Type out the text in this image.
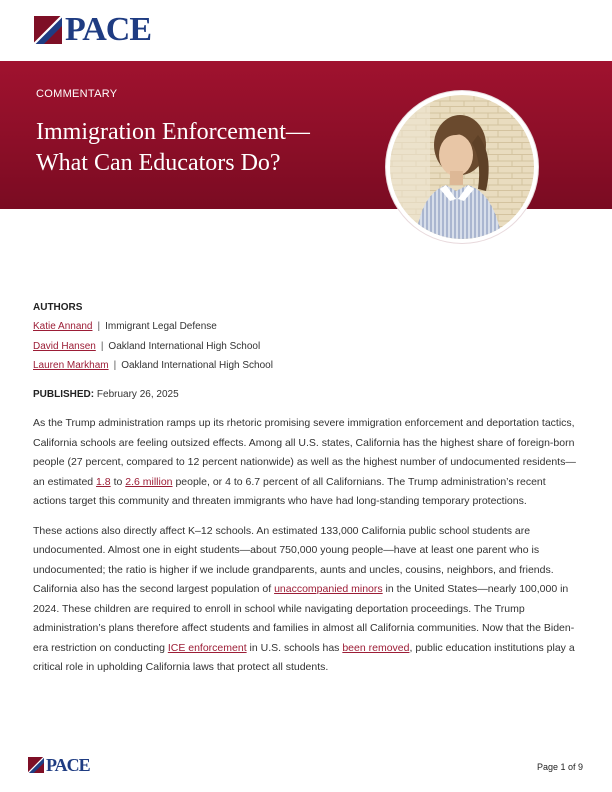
PACE
COMMENTARY
Immigration Enforcement—
What Can Educators Do?
AUTHORS
Katie Annand | Immigrant Legal Defense
David Hansen | Oakland International High School
Lauren Markham | Oakland International High School
PUBLISHED: February 26, 2025

As the Trump administration ramps up its rhetoric promising severe immigration enforcement and deportation tactics, California schools are feeling outsized effects. Among all U.S. states, California has the highest share of foreign-born people (27 percent, compared to 12 percent nationwide) as well as the highest number of undocumented residents—an estimated 1.8 to 2.6 million people, or 4 to 6.7 percent of all Californians. The Trump administration’s recent actions target this community and threaten immigrants who have had long-standing temporary protections.

These actions also directly affect K–12 schools. An estimated 133,000 California public school students are undocumented. Almost one in eight students—about 750,000 young people—have at least one parent who is undocumented; the ratio is higher if we include grandparents, aunts and uncles, cousins, neighbors, and friends. California also has the second largest population of unaccompanied minors in the United States—nearly 100,000 in 2024. These children are required to enroll in school while navigating deportation proceedings. The Trump administration’s plans therefore affect students and families in almost all California communities. Now that the Biden-era restriction on conducting ICE enforcement in U.S. schools has been removed, public education institutions play a critical role in upholding California laws that protect all students.

PACE	Page 1 of 9
